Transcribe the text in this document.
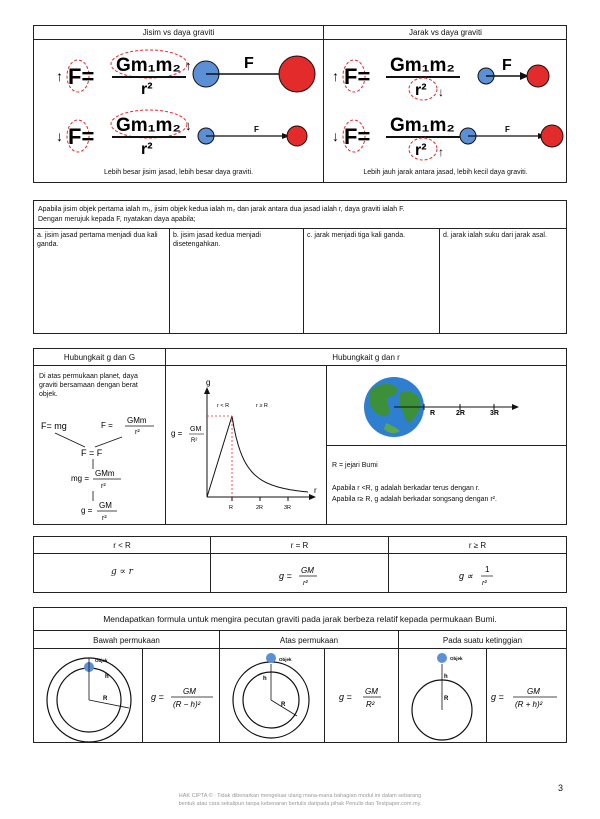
Jisim vs daya graviti	Jarak vs daya graviti
↑ F= Gm₁m₂ ↑
r²
F
↓ F= Gm₁m₂ ↓
r²
F
Lebih besar jisim jasad, lebih besar daya graviti.
↑ F= Gm₁m₂
r² ↓
F
↓ F= Gm₁m₂
r² ↑
F
Lebih jauh jarak antara jasad, lebih kecil daya graviti.
Apabila jisim objek pertama ialah m₁, jisim objek kedua ialah m₂ dan jarak antara dua jasad ialah r, daya graviti ialah F.
Dengan merujuk kepada F, nyatakan daya apabila;
a. jisim jasad pertama menjadi dua kali ganda.
b. jisim jasad kedua menjadi disetengahkan.
c. jarak menjadi tiga kali ganda.	d. jarak ialah suku dari jarak asal.
Hubungkait g dan G	Hubungkait g dan r
Di atas permukaan planet, daya graviti bersamaan dengan berat objek.
F= mg	F =
GMm
r²
F = F
mg =
GMm
r²
g =
GM
r²
g = GM
R²
g
r
r < R	r ≥ R
R	2R	3R
R	2R	3R
R = jejari Bumi
Apabila r <R, g adalah berkadar terus dengan r.
Apabila r≥ R, g adalah berkadar songsang dengan r².
r < R	r = R	r ≥ R
g ∝ r	g =
GM
r²
g ∝
1
r²
Mendapatkan formula untuk mengira pecutan graviti pada jarak berbeza relatif kepada permukaan Bumi.
Bawah permukaan	Atas permukaan	Pada suatu ketinggian
Objek
h
R	g =
GM
(R − h)²
Objek
h
R
g =
GM
R²
Objek
h
R	g =
GM
(R + h)²
3
HAK CIPTA © : Tidak dibenarkan mengeluar ulang mana-mana bahagian modul ini dalam sebarang
bentuk atau cara sekalipun tanpa kebenaran bertulis daripada pihak Penulis dan Testpaper.com.my.
